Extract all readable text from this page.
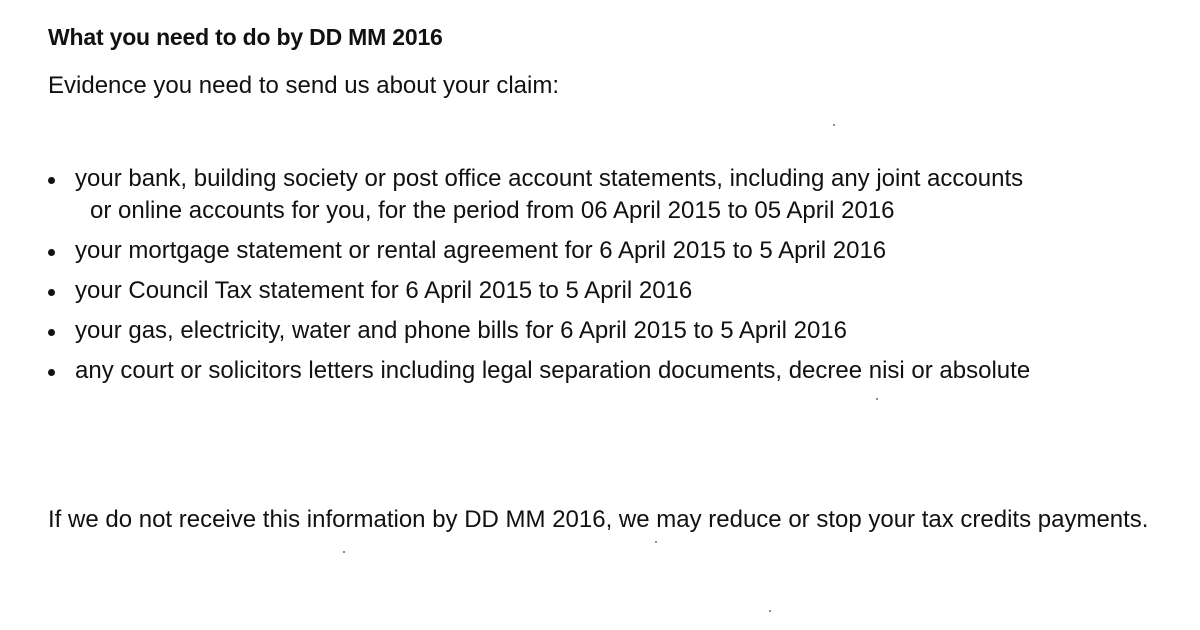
What you need to do by DD MM 2016

Evidence you need to send us about your claim:

your bank, building society or post office account statements, including any joint accounts
or online accounts for you, for the period from 06 April 2015 to 05 April 2016
your mortgage statement or rental agreement for 6 April 2015 to 5 April 2016
your Council Tax statement for 6 April 2015 to 5 April 2016
your gas, electricity, water and phone bills for 6 April 2015 to 5 April 2016
any court or solicitors letters including legal separation documents, decree nisi or absolute

If we do not receive this information by DD MM 2016, we may reduce or stop your tax credits payments.
